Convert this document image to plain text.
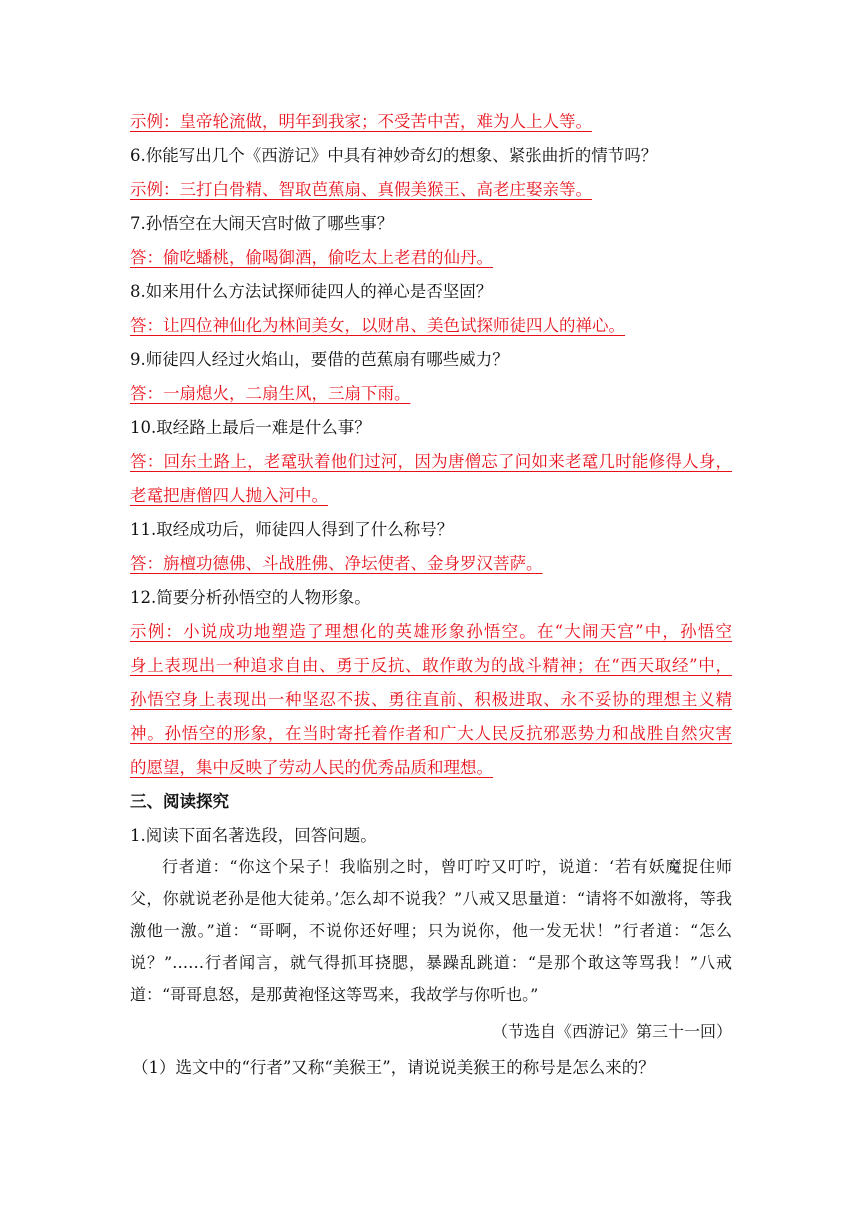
示例：皇帝轮流做，明年到我家；不受苦中苦，难为人上人等。
6.你能写出几个《西游记》中具有神妙奇幻的想象、紧张曲折的情节吗？
示例：三打白骨精、智取芭蕉扇、真假美猴王、高老庄娶亲等。
7.孙悟空在大闹天宫时做了哪些事？
答：偷吃蟠桃，偷喝御酒，偷吃太上老君的仙丹。
8.如来用什么方法试探师徒四人的禅心是否坚固？
答：让四位神仙化为林间美女，以财帛、美色试探师徒四人的禅心。
9.师徒四人经过火焰山，要借的芭蕉扇有哪些威力？
答：一扇熄火，二扇生风，三扇下雨。
10.取经路上最后一难是什么事？
答：回东土路上，老鼋驮着他们过河，因为唐僧忘了问如来老鼋几时能修得人身，
老鼋把唐僧四人抛入河中。
11.取经成功后，师徒四人得到了什么称号？
答：旃檀功德佛、斗战胜佛、净坛使者、金身罗汉菩萨。
12.简要分析孙悟空的人物形象。
示例：小说成功地塑造了理想化的英雄形象孙悟空。在“大闹天宫”中，孙悟空
身上表现出一种追求自由、勇于反抗、敢作敢为的战斗精神；在“西天取经”中，
孙悟空身上表现出一种坚忍不拔、勇往直前、积极进取、永不妥协的理想主义精
神。孙悟空的形象，在当时寄托着作者和广大人民反抗邪恶势力和战胜自然灾害
的愿望，集中反映了劳动人民的优秀品质和理想。
三、阅读探究
1.阅读下面名著选段，回答问题。

行者道：“你这个呆子！我临别之时，曾叮咛又叮咛，说道：‘若有妖魔捉住师父，你就说老孙是他大徒弟。’怎么却不说我？”八戒又思量道：“请将不如激将，等我激他一激。”道：“哥啊，不说你还好哩；只为说你，他一发无状！”行者道：“怎么说？”……行者闻言，就气得抓耳挠腮，暴躁乱跳道：“是那个敢这等骂我！”八戒道：“哥哥息怒，是那黄袍怪这等骂来，我故学与你听也。”

（节选自《西游记》第三十一回）
（1）选文中的“行者”又称“美猴王”，请说说美猴王的称号是怎么来的？
